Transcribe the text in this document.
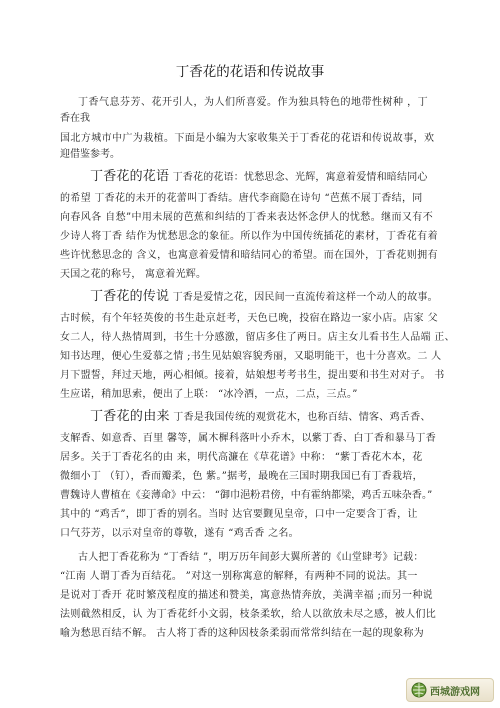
丁香花的花语和传说故事
丁香气息芬芳、花开引人，为人们所喜爱。作为独具特色的地带性树种 ，丁
香在我
国北方城市中广为栽植。下面是小编为大家收集关于丁香花的花语和传说故事，欢
迎借鉴参考。
丁香花的花语 丁香花的花语：忧愁思念、光辉，寓意着爱情和暗结同心
的希望 丁香花的未开的花蕾叫丁香结。唐代李商隐在诗句 “芭蕉不展丁香结，同
向春风各 自愁”中用未展的芭蕉和纠结的丁香来表达怀念伊人的忧愁。继而又有不
少诗人将丁香 结作为忧愁思念的象征。所以作为中国传统插花的素材，丁香花有着
些许忧愁思念的 含义，也寓意着爱情和暗结同心的希望。而在国外，丁香花则拥有
天国之花的称号， 寓意着光辉。
丁香花的传说 丁香是爱情之花，因民间一直流传着这样一个动人的故事。
古时候，有个年轻英俊的书生赴京赶考，天色已晚，投宿在路边一家小店。店家 父
女二人，待人热情周到，书生十分感激，留店多住了两日。店主女儿看书生人品端 正、
知书达理，便心生爱慕之情 ;书生见姑娘容貌秀丽，又聪明能干，也十分喜欢。二 人
月下盟誓，拜过天地，两心相倾。接着，姑娘想考考书生，提出要和书生对对子。 书
生应诺，稍加思索，便出了上联： “冰冷酒，一点，二点，三点。”
丁香花的由来 丁香是我国传统的观赏花木，也称百结、情客、鸡舌香、
支解香、如意香、百里 馨等，属木樨科落叶小乔木，以紫丁香、白丁香和暴马丁香
居多。关于丁香花名的由 来，明代高濂在《草花谱》中称： “紫丁香花木本，花
微细小丁 （钉），香而瓣柔，色 紫。”据考，最晚在三国时期我国已有丁香栽培，
曹魏诗人曹植在《妾薄命》中云： “御巾浥粉君傍，中有霍纳都梁，鸡舌五味杂香。”
其中的 “鸡舌”，即丁香的别名。当时 达官要觐见皇帝，口中一定要含丁香，让
口气芬芳，以示对皇帝的尊敬，遂有 “鸡舌香 之名。
古人把丁香花称为 “丁香结 ”，明万历年间彭大翼所著的《山堂肆考》记载：
“江南 人谓丁香为百结花。 ”对这一别称寓意的解释，有两种不同的说法。其一
是说对丁香开 花时繁茂程度的描述和赞美，寓意热情奔放，美满幸福 ;而另一种说
法则截然相反，认 为丁香花纤小文弱，枝条柔软，给人以欲放未尽之感，被人们比
喻为愁思百结不解。 古人将丁香的这种因枝条柔弱而常常纠结在一起的现象称为
西城游戏网
